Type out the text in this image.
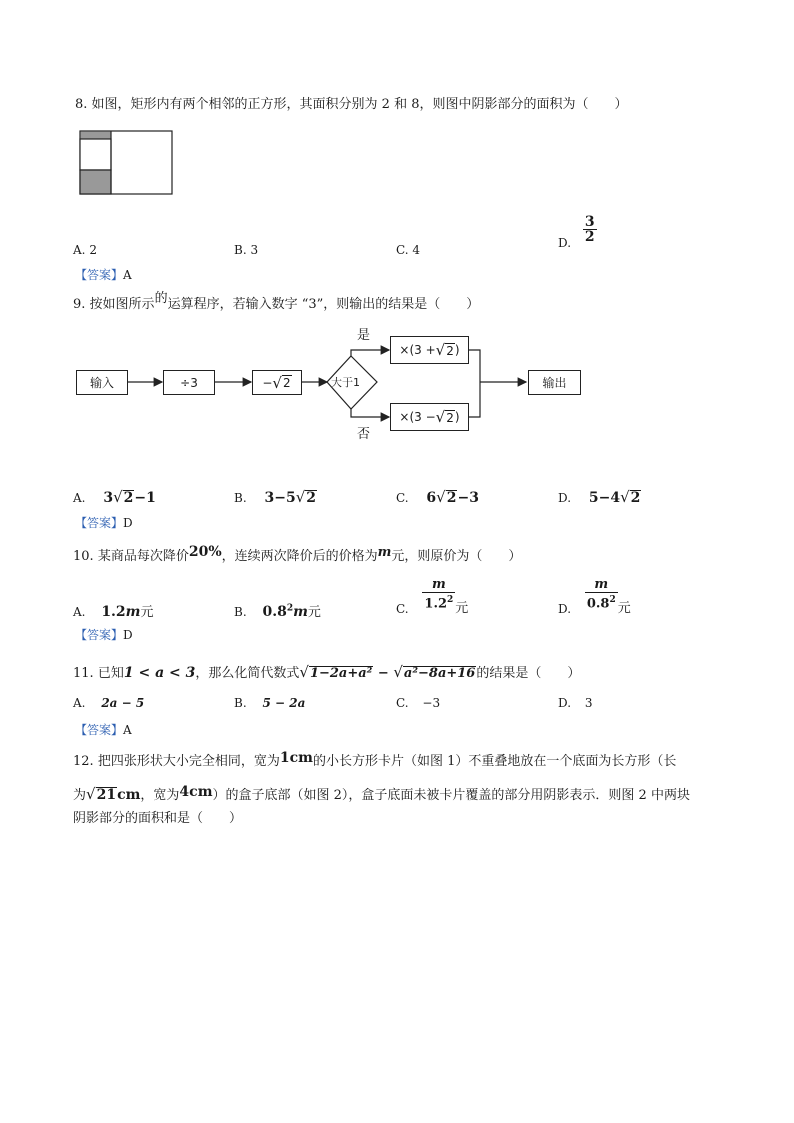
8. 如图，矩形内有两个相邻的正方形，其面积分别为 2 和 8，则图中阴影部分的面积为（　　）
A. 2	B. 3	C. 4	D. $\frac{3}{2}$
【答案】A
9. 按如图所示的运算程序，若输入数字 “3”，则输出的结果是（　　）
输入	÷3	− √ 2	大于1
是
否
×(3 + √ 2 )
×(3 − √ 2 )
输出
A. 3√2−1	B. 3−5√2	C. 6√2−3	D. 5−4√2
【答案】D
10. 某商品每次降价20%，连续两次降价后的价格为m元，则原价为（　　）
A. 1.2m元	B. $0.8^2m$元	C. $\frac{m}{1.2^2}$ 元	D. $\frac{m}{0.8^2}$ 元
【答案】D
11. 已知1 < a < 3，那么化简代数式√1−2a+a² − √a²−8a+16的结果是（　　）
A. 2a − 5	B. 5 − 2a	C. −3	D. 3
【答案】A
12. 把四张形状大小完全相同，宽为1cm的小长方形卡片（如图 1）不重叠地放在一个底面为长方形（长
为√21cm，宽为4cm）的盒子底部（如图 2），盒子底面未被卡片覆盖的部分用阴影表示．则图 2 中两块
阴影部分的面积和是（　　）
